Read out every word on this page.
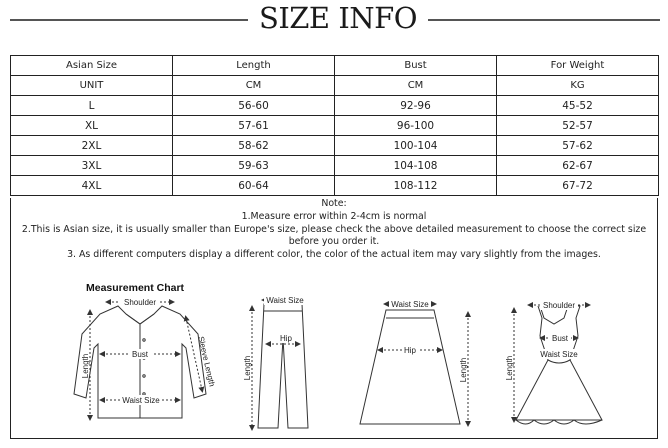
SIZE INFO
Asian Size	Length	Bust	For Weight
UNIT	CM	CM	KG
L	56-60	92-96	45-52
XL	57-61	96-100	52-57
2XL	58-62	100-104	57-62
3XL	59-63	104-108	62-67
4XL	60-64	108-112	67-72
Note:
1.Measure error within 2-4cm is normal
2.This is Asian size, it is usually smaller than Europe's size, please check the above detailed measurement to choose the correct size
before you order it.
3. As different computers display a different color, the color of the actual item may vary slightly from the images.
Measurement Chart
Shoulder
Bust
Waist Size
Length	Sleeve Length
Waist Size
Hip
Length
Waist Size
Hip
Length
Shoulder
Bust
Waist Size
Length
